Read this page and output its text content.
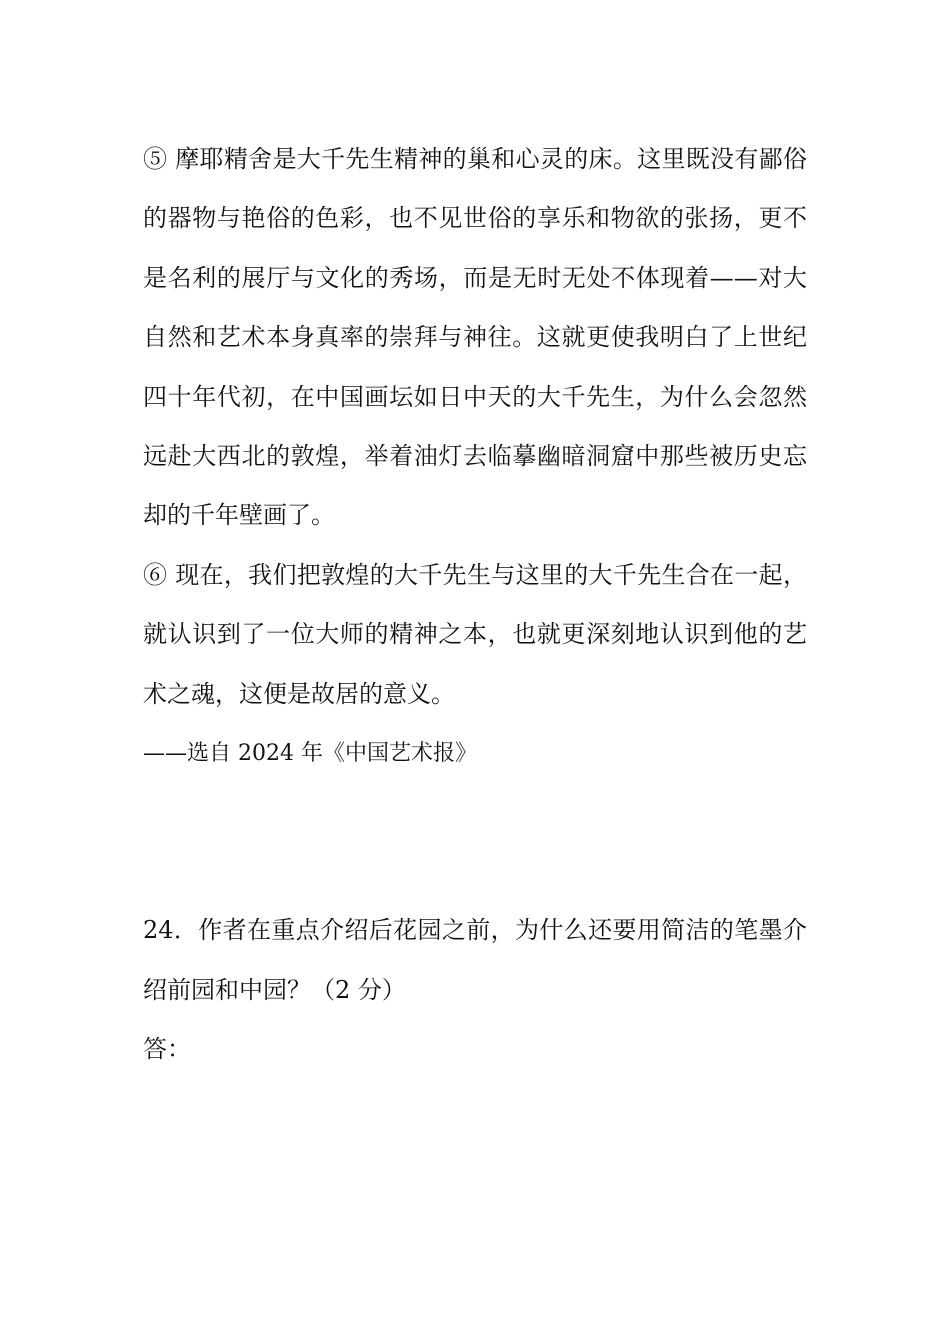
⑤ 摩耶精舍是大千先生精神的巢和心灵的床。这里既没有鄙俗的器物与艳俗的色彩，也不见世俗的享乐和物欲的张扬，更不是名利的展厅与文化的秀场，而是无时无处不体现着——对大自然和艺术本身真率的崇拜与神往。这就更使我明白了上世纪四十年代初，在中国画坛如日中天的大千先生，为什么会忽然远赴大西北的敦煌，举着油灯去临摹幽暗洞窟中那些被历史忘却的千年壁画了。

⑥ 现在，我们把敦煌的大千先生与这里的大千先生合在一起，就认识到了一位大师的精神之本，也就更深刻地认识到他的艺术之魂，这便是故居的意义。

——选自 2024 年《中国艺术报》

24．作者在重点介绍后花园之前，为什么还要用简洁的笔墨介绍前园和中园？（2 分）

答：
